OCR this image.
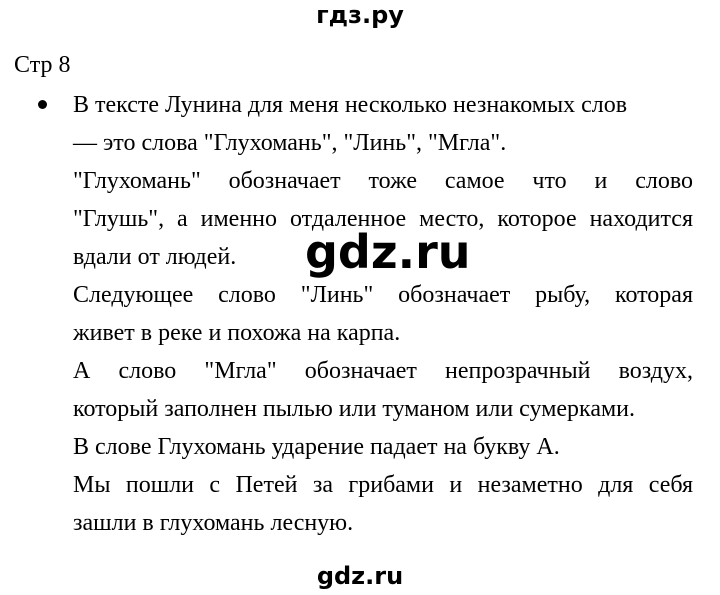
гдз.ру
Стр 8

В тексте Лунина для меня несколько незнакомых слов

— это слова "Глухомань", "Линь", "Мгла".

"Глухомань" обозначает тоже самое что и слово

"Глушь", а именно отдаленное место, которое находится

вдали от людей.

Следующее слово "Линь" обозначает рыбу, которая

живет в реке и похожа на карпа.

А слово "Мгла" обозначает непрозрачный воздух,

который заполнен пылью или туманом или сумерками.

В слове Глухомань ударение падает на букву А.

Мы пошли с Петей за грибами и незаметно для себя

зашли в глухомань лесную.

gdz.ru
gdz.ru
